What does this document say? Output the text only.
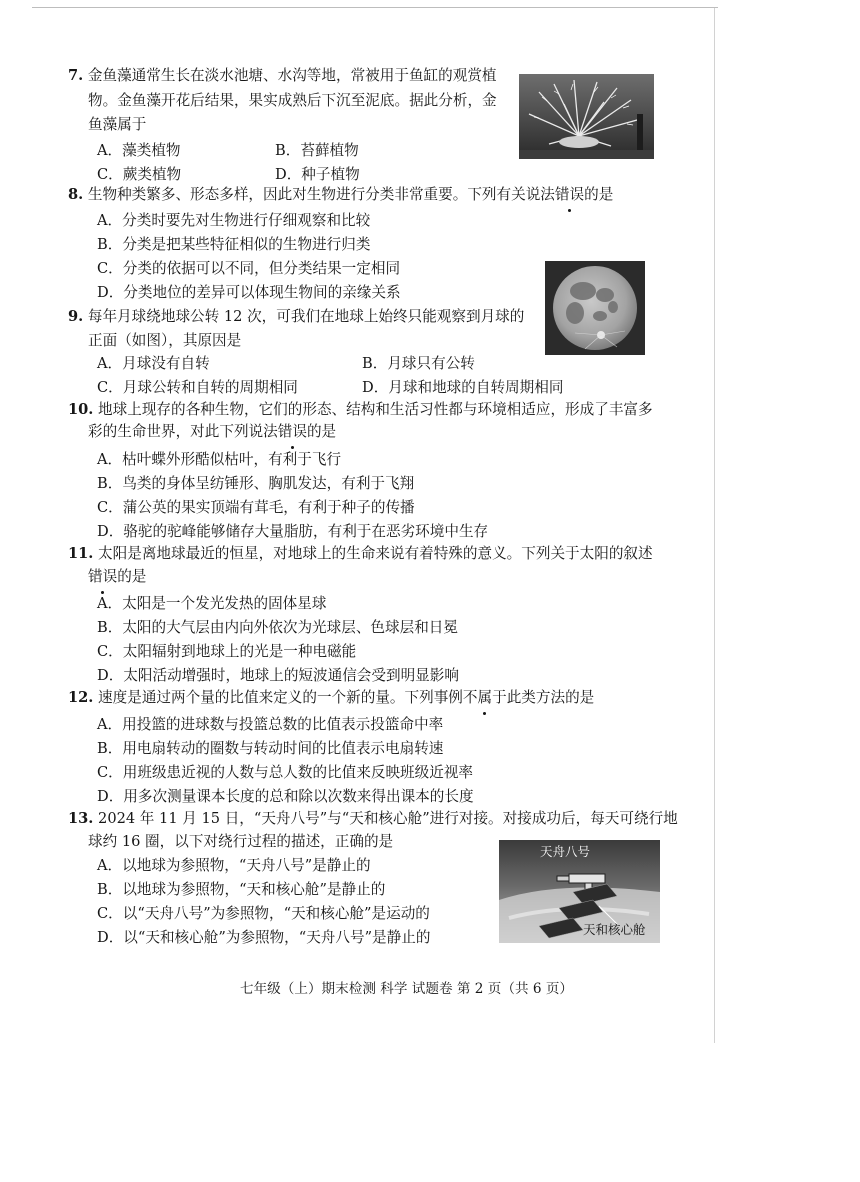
7. 金鱼藻通常生长在淡水池塘、水沟等地，常被用于鱼缸的观赏植
物。金鱼藻开花后结果，果实成熟后下沉至泥底。据此分析，金
鱼藻属于
A．藻类植物	B．苔藓植物
C．蕨类植物	D．种子植物
8. 生物种类繁多、形态多样，因此对生物进行分类非常重要。下列有关说法错误的是
A．分类时要先对生物进行仔细观察和比较
B．分类是把某些特征相似的生物进行归类
C．分类的依据可以不同，但分类结果一定相同
D．分类地位的差异可以体现生物间的亲缘关系
9. 每年月球绕地球公转 12 次，可我们在地球上始终只能观察到月球的
正面（如图），其原因是
A．月球没有自转	B．月球只有公转
C．月球公转和自转的周期相同	D．月球和地球的自转周期相同
10. 地球上现存的各种生物，它们的形态、结构和生活习性都与环境相适应，形成了丰富多
彩的生命世界，对此下列说法错误的是
A．枯叶蝶外形酷似枯叶，有利于飞行
B．鸟类的身体呈纺锤形、胸肌发达，有利于飞翔
C．蒲公英的果实顶端有茸毛，有利于种子的传播
D．骆驼的驼峰能够储存大量脂肪，有利于在恶劣环境中生存
11. 太阳是离地球最近的恒星，对地球上的生命来说有着特殊的意义。下列关于太阳的叙述
错误的是
A．太阳是一个发光发热的固体星球
B．太阳的大气层由内向外依次为光球层、色球层和日冕
C．太阳辐射到地球上的光是一种电磁能
D．太阳活动增强时，地球上的短波通信会受到明显影响
12. 速度是通过两个量的比值来定义的一个新的量。下列事例不属于此类方法的是
A．用投篮的进球数与投篮总数的比值表示投篮命中率
B．用电扇转动的圈数与转动时间的比值表示电扇转速
C．用班级患近视的人数与总人数的比值来反映班级近视率
D．用多次测量课本长度的总和除以次数来得出课本的长度
13. 2024 年 11 月 15 日，“天舟八号”与“天和核心舱”进行对接。对接成功后，每天可绕行地
球约 16 圈，以下对绕行过程的描述，正确的是
A．以地球为参照物，“天舟八号”是静止的
B．以地球为参照物，“天和核心舱”是静止的
C．以“天舟八号”为参照物，“天和核心舱”是运动的
D．以“天和核心舱”为参照物，“天舟八号”是静止的
天舟八号
天和核心舱
七年级（上）期末检测 科学 试题卷 第 2 页（共 6 页）
